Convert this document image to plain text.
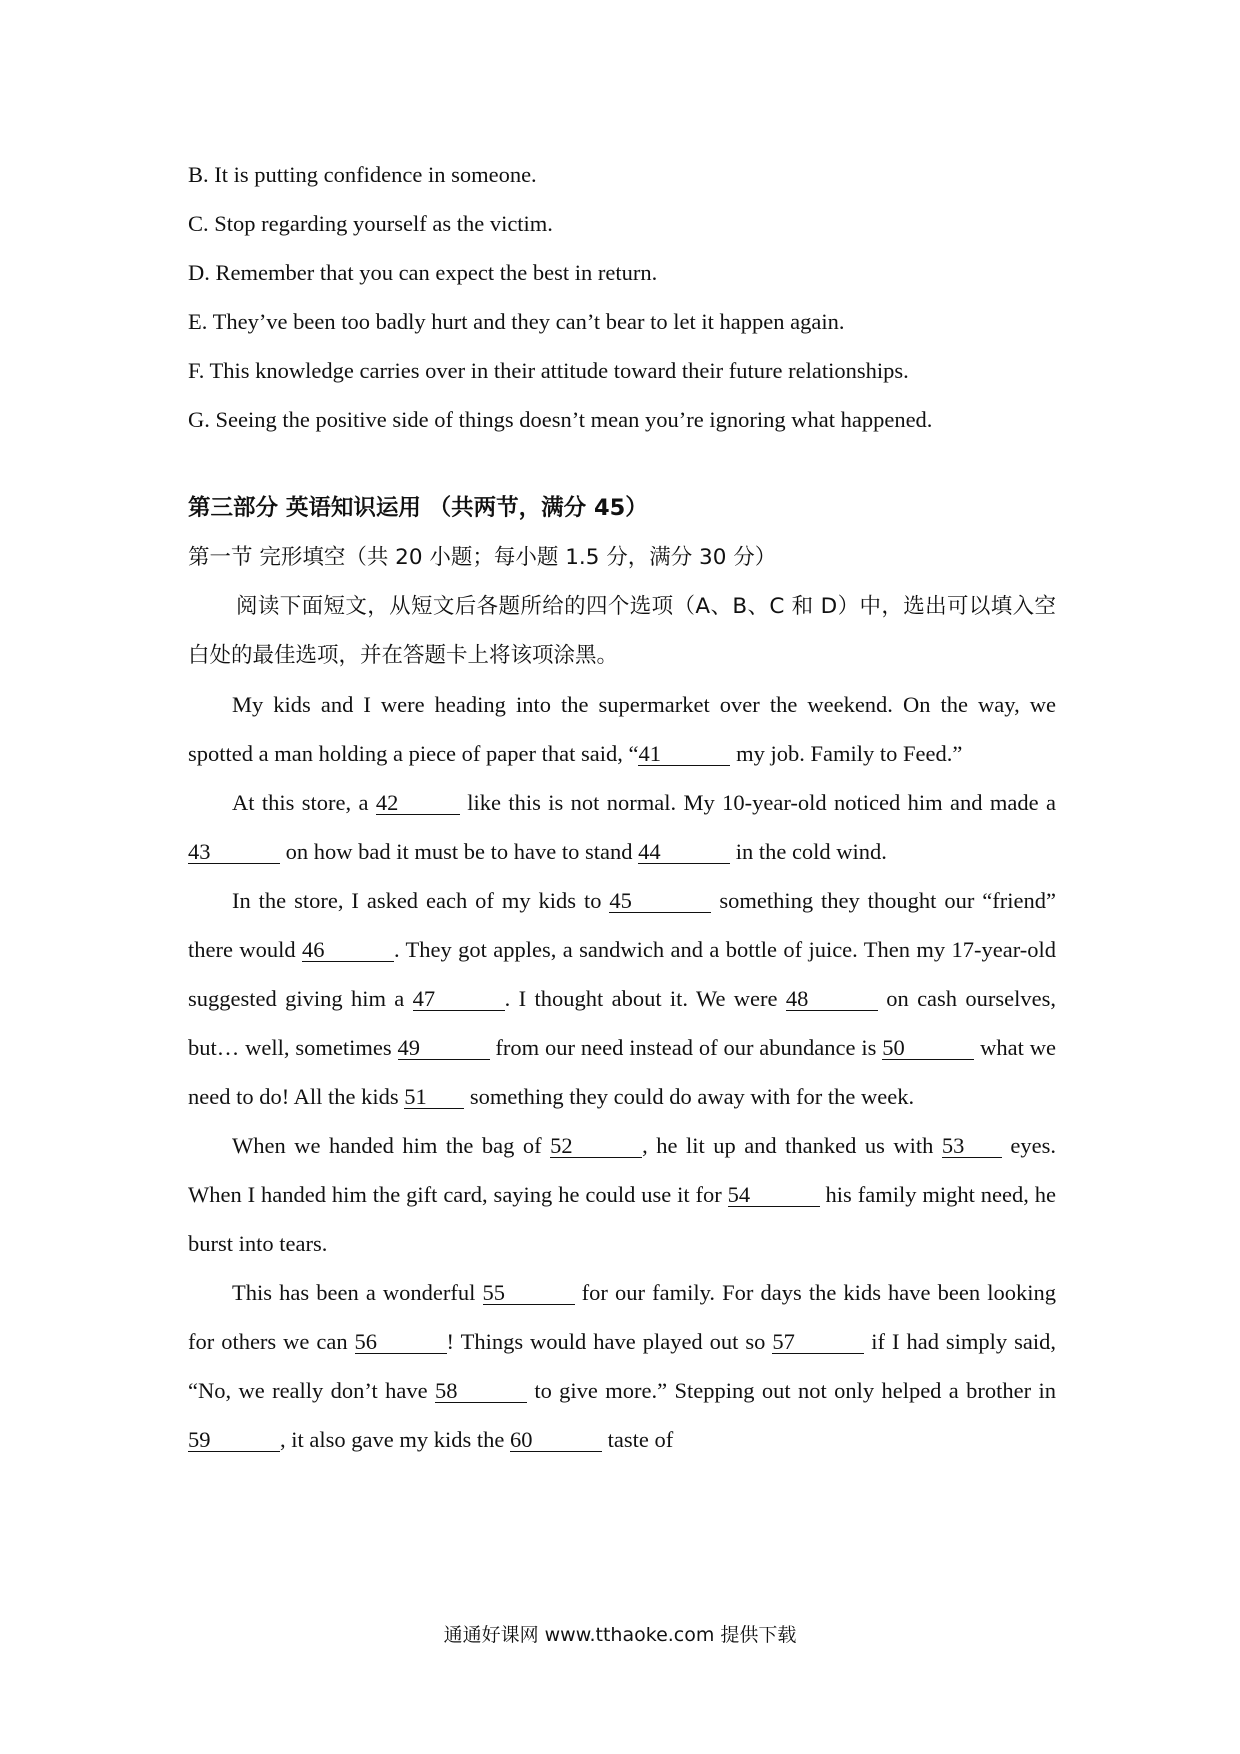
B. It is putting confidence in someone.
C. Stop regarding yourself as the victim.
D. Remember that you can expect the best in return.
E. They’ve been too badly hurt and they can’t bear to let it happen again.
F. This knowledge carries over in their attitude toward their future relationships.
G. Seeing the positive side of things doesn’t mean you’re ignoring what happened.
第三部分 英语知识运用 （共两节，满分 45）
第一节 完形填空（共 20 小题；每小题 1.5 分，满分 30 分）
阅读下面短文，从短文后各题所给的四个选项（A、B、C 和 D）中，选出可以填入空白处的最佳选项，并在答题卡上将该项涂黑。
My kids and I were heading into the supermarket over the weekend. On the way, we spotted a man holding a piece of paper that said, “41	my job. Family to Feed.”
At this store, a 42	like this is not normal. My 10-year-old noticed him and made a 43	on how bad it must be to have to stand 44	in the cold wind.
In the store, I asked each of my kids to 45	something they thought our “friend” there would 46	. They got apples, a sandwich and a bottle of juice. Then my 17-year-old suggested giving him a 47	. I thought about it. We were 48	on cash ourselves, but… well, sometimes 49	from our need instead of our abundance is 50	what we need to do! All the kids 51 something they could do away with for the week.
When we handed him the bag of 52	, he lit up and thanked us with 53 eyes. When I handed him the gift card, saying he could use it for 54	his family might need, he burst into tears.
This has been a wonderful 55	for our family. For days the kids have been looking for others we can 56	! Things would have played out so 57	if I had simply said, “No, we really don’t have 58	to give more.” Stepping out not only helped a brother in 59	, it also gave my kids the 60	taste of
通通好课网 www.tthaoke.com 提供下载
